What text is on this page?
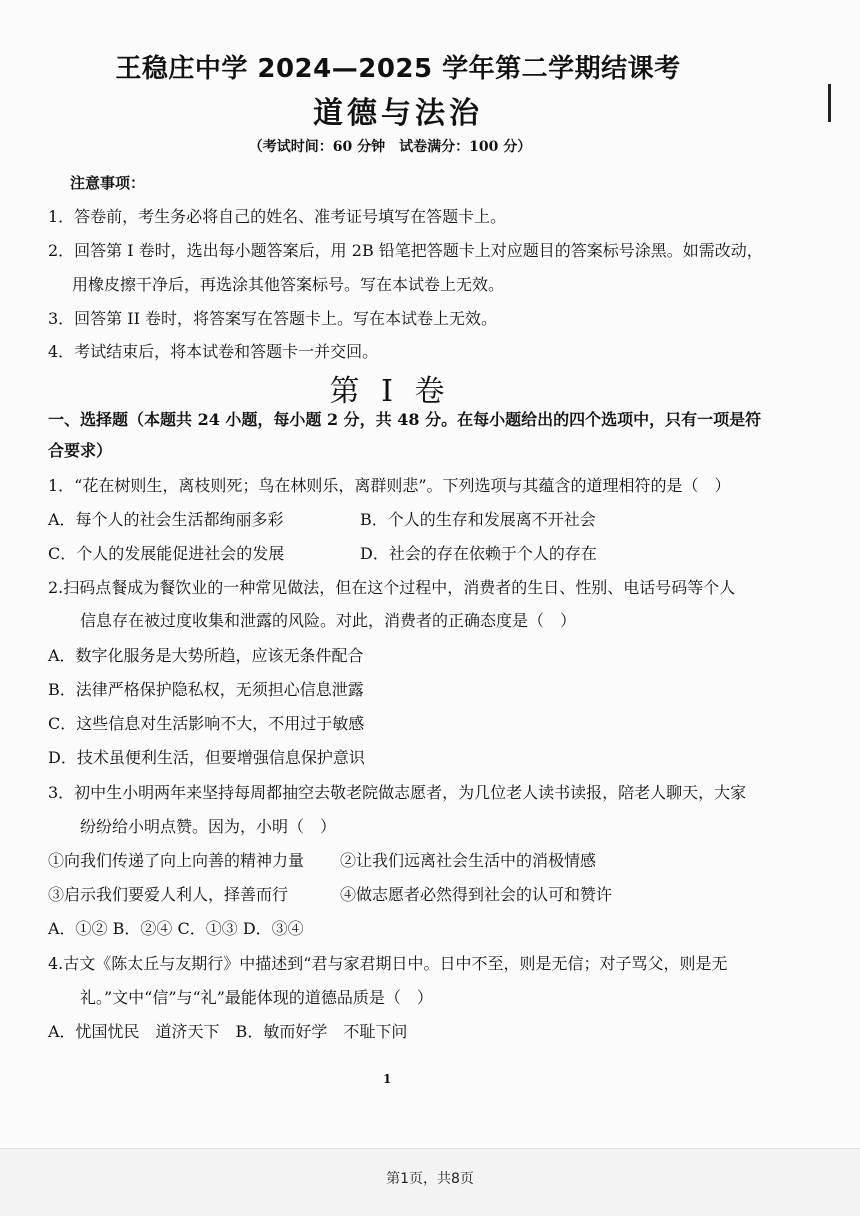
王稳庄中学 2024—2025 学年第二学期结课考
道德与法治
（考试时间：60 分钟　试卷满分：100 分）
注意事项：
1．答卷前，考生务必将自己的姓名、准考证号填写在答题卡上。
2．回答第 I 卷时，选出每小题答案后，用 2B 铅笔把答题卡上对应题目的答案标号涂黑。如需改动，
用橡皮擦干净后，再选涂其他答案标号。写在本试卷上无效。
3．回答第 II 卷时，将答案写在答题卡上。写在本试卷上无效。
4．考试结束后，将本试卷和答题卡一并交回。
第 I 卷
一、选择题（本题共 24 小题，每小题 2 分，共 48 分。在每小题给出的四个选项中，只有一项是符
合要求）
1．“花在树则生，离枝则死；鸟在林则乐，离群则悲”。下列选项与其蕴含的道理相符的是（　）
A．每个人的社会生活都绚丽多彩	B．个人的生存和发展离不开社会
C．个人的发展能促进社会的发展	D．社会的存在依赖于个人的存在
2.扫码点餐成为餐饮业的一种常见做法，但在这个过程中，消费者的生日、性别、电话号码等个人
信息存在被过度收集和泄露的风险。对此，消费者的正确态度是（　）
A．数字化服务是大势所趋，应该无条件配合
B．法律严格保护隐私权，无须担心信息泄露
C．这些信息对生活影响不大，不用过于敏感
D．技术虽便利生活，但要增强信息保护意识
3．初中生小明两年来坚持每周都抽空去敬老院做志愿者，为几位老人读书读报，陪老人聊天，大家
纷纷给小明点赞。因为，小明（　）
①向我们传递了向上向善的精神力量 ②让我们远离社会生活中的消极情感
③启示我们要爱人利人，择善而行	④做志愿者必然得到社会的认可和赞许
A．①② B．②④ C．①③ D．③④
4.古文《陈太丘与友期行》中描述到“君与家君期日中。日中不至，则是无信；对子骂父，则是无
礼。”文中“信”与“礼”最能体现的道德品质是（　）
A．忧国忧民　道济天下　B．敏而好学　不耻下问
1
第1页，共8页
